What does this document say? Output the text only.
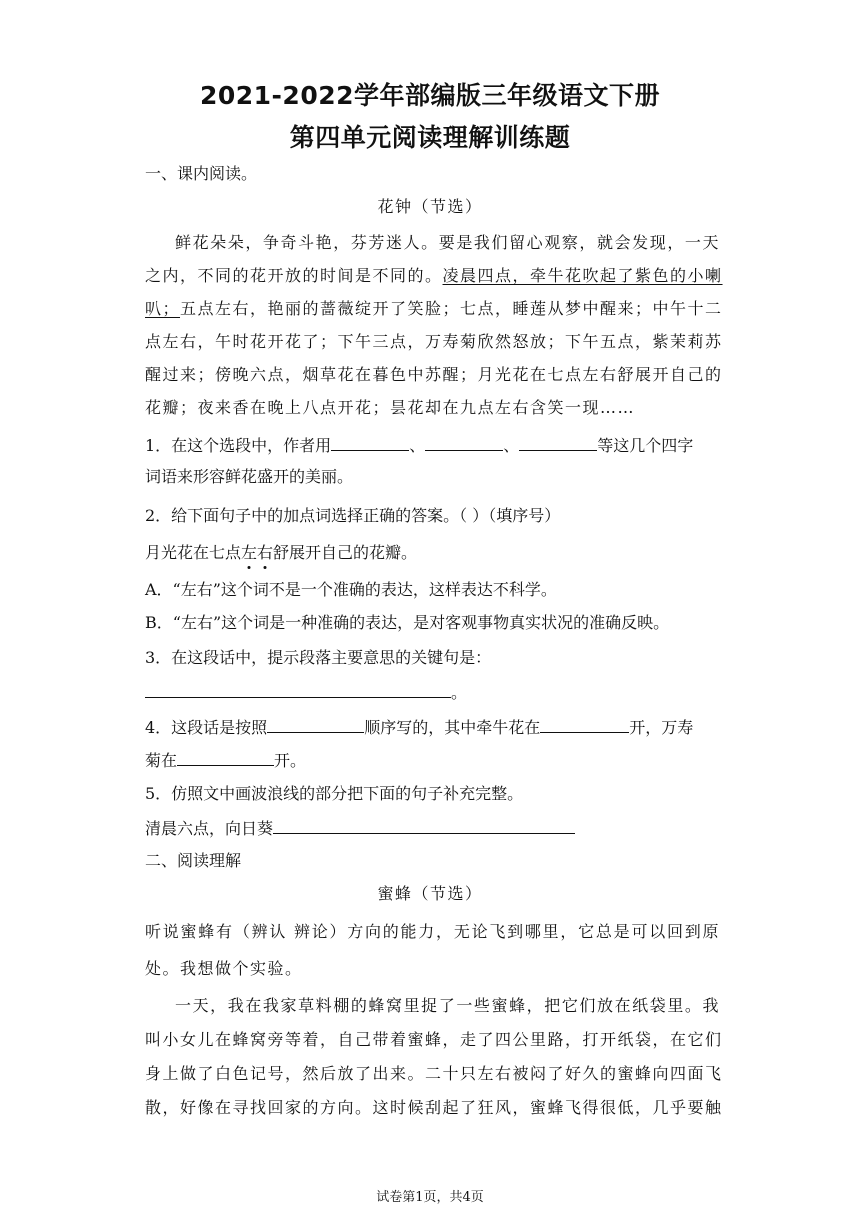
2021-2022学年部编版三年级语文下册
第四单元阅读理解训练题
一、课内阅读。
花钟（节选）
鲜花朵朵，争奇斗艳，芬芳迷人。要是我们留心观察，就会发现，一天
之内，不同的花开放的时间是不同的。凌晨四点，牵牛花吹起了紫色的小喇
叭；五点左右，艳丽的蔷薇绽开了笑脸；七点，睡莲从梦中醒来；中午十二
点左右，午时花开花了；下午三点，万寿菊欣然怒放；下午五点，紫茉莉苏
醒过来；傍晚六点，烟草花在暮色中苏醒；月光花在七点左右舒展开自己的
花瓣；夜来香在晚上八点开花；昙花却在九点左右含笑一现……
1．在这个选段中，作者用	、	、	等这几个四字
词语来形容鲜花盛开的美丽。
2．给下面句子中的加点词选择正确的答案。（ ）（填序号）
月光花在七点左右舒展开自己的花瓣。
A．“左右”这个词不是一个准确的表达，这样表达不科学。
B．“左右”这个词是一种准确的表达，是对客观事物真实状况的准确反映。
3．在这段话中，提示段落主要意思的关键句是：
。
4．这段话是按照	顺序写的，其中牵牛花在	开，万寿
菊在	开。
5．仿照文中画波浪线的部分把下面的句子补充完整。
清晨六点，向日葵
二、阅读理解
蜜蜂（节选）
听说蜜蜂有（辨认 辨论）方向的能力，无论飞到哪里，它总是可以回到原
处。我想做个实验。
一天，我在我家草料棚的蜂窝里捉了一些蜜蜂，把它们放在纸袋里。我
叫小女儿在蜂窝旁等着，自己带着蜜蜂，走了四公里路，打开纸袋，在它们
身上做了白色记号，然后放了出来。二十只左右被闷了好久的蜜蜂向四面飞
散，好像在寻找回家的方向。这时候刮起了狂风，蜜蜂飞得很低，几乎要触
试卷第1页，共4页
